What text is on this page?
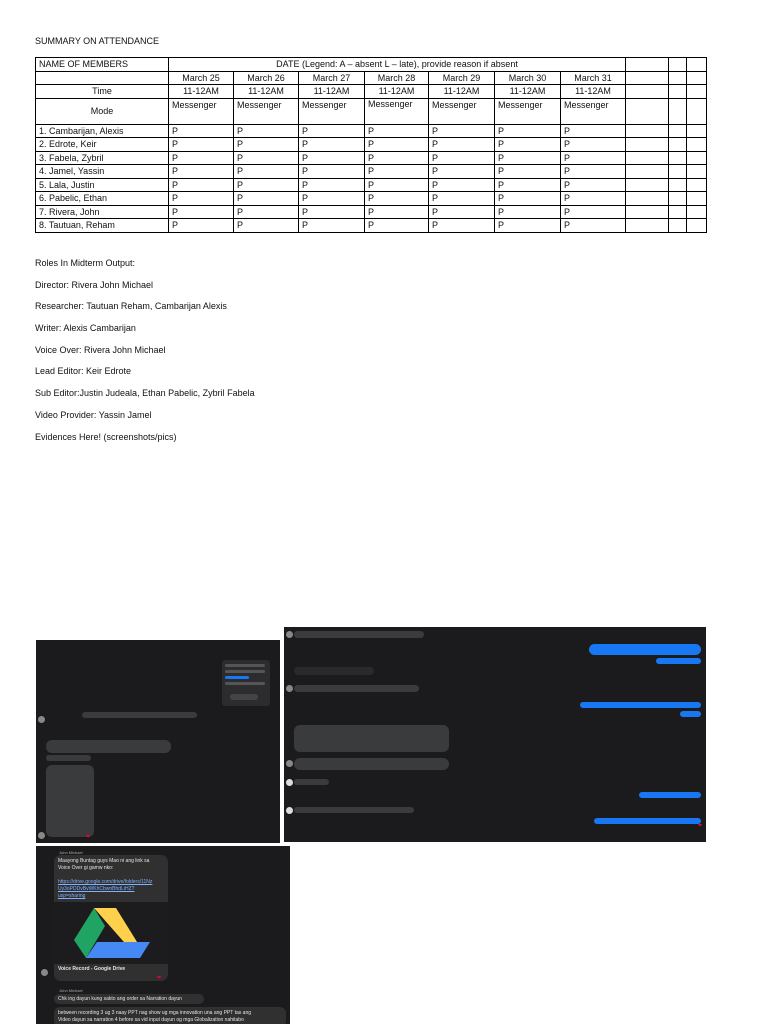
SUMMARY ON ATTENDANCE
NAME OF MEMBERS	DATE (Legend: A – absent L – late), provide reason if absent									
	March 25	March 26	March 27	March 28	March 29	March 30	March 31			
Time	11-12AM	11-12AM	11-12AM	11-12AM	11-12AM	11-12AM	11-12AM			
Mode	Messenger	Messenger	Messenger	Messenger	Messenger	Messenger	Messenger			
1. Cambarijan, Alexis	P	P	P	P	P	P	P			
2. Edrote, Keir	P	P	P	P	P	P	P			
3. Fabela, Zybril	P	P	P	P	P	P	P			
4. Jamel, Yassin	P	P	P	P	P	P	P			
5. Lala, Justin	P	P	P	P	P	P	P			
6. Pabelic, Ethan	P	P	P	P	P	P	P			
7. Rivera, John	P	P	P	P	P	P	P			
8. Tautuan, Reham	P	P	P	P	P	P	P			
Roles In Midterm Output:
Director: Rivera John Michael
Researcher: Tautuan Reham, Cambarijan Alexis
Writer: Alexis Cambarijan
Voice Over: Rivera John Michael
Lead Editor: Keir Edrote
Sub Editor:Justin Judeala, Ethan Pabelic, Zybril Fabela
Video Provider: Yassin Jamel
Evidences Here! (screenshots/pics)
❤
❤
John Michael
Maayong Buntag guys Mao ni ang link sa
Voice Over gi gamw nko:
https://drive.google.com/drive/folders/11Nz
Uy3oPDDvBvWKhCbwnBhdLiHZ?
usp=sharing
Voice Record - Google Drive
❤
John Michael
Chk ing dayun kung sakto ang order sa Narration dayun
between recording 3 ug 3 naay PPT nag show ug mga innovation una ang PPT tas ang
Video dayun sa narration 4 before sa vid input dayun og mga Globalization nahitabo
